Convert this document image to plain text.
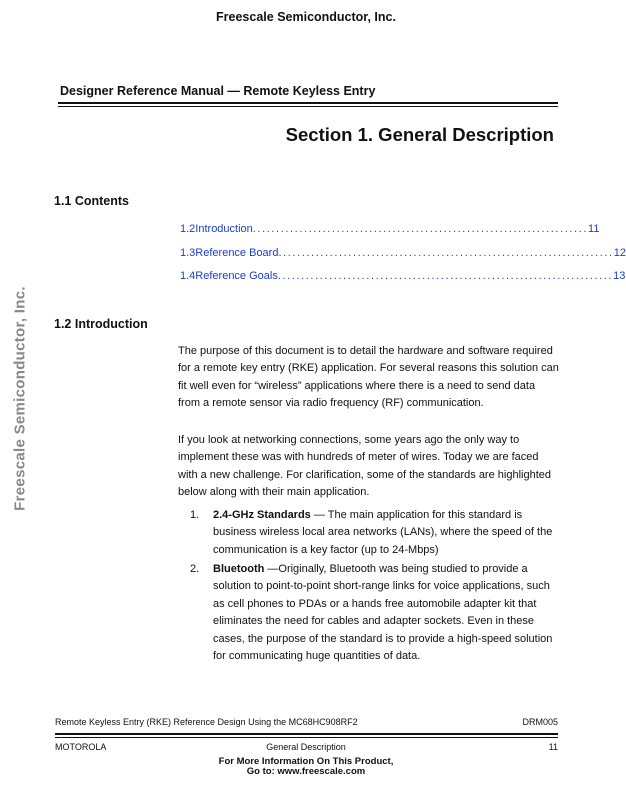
Freescale Semiconductor, Inc.
Freescale Semiconductor, Inc.
Designer Reference Manual — Remote Keyless Entry
Section 1. General Description
1.1 Contents
1.2 Introduction ........................................................................ 11
1.3 Reference Board ........................................................................ 12
1.4 Reference Goals ........................................................................ 13
1.2 Introduction
The purpose of this document is to detail the hardware and software required for a remote key entry (RKE) application. For several reasons this solution can fit well even for “wireless” applications where there is a need to send data from a remote sensor via radio frequency (RF) communication.
If you look at networking connections, some years ago the only way to implement these was with hundreds of meter of wires. Today we are faced with a new challenge. For clarification, some of the standards are highlighted below along with their main application.
1.	2.4-GHz Standards — The main application for this standard is business wireless local area networks (LANs), where the speed of the communication is a key factor (up to 24-Mbps)
2.	Bluetooth —Originally, Bluetooth was being studied to provide a solution to point-to-point short-range links for voice applications, such as cell phones to PDAs or a hands free automobile adapter kit that eliminates the need for cables and adapter sockets. Even in these cases, the purpose of the standard is to provide a high-speed solution for communicating huge quantities of data.
Remote Keyless Entry (RKE) Reference Design Using the MC68HC908RF2	DRM005
MOTOROLA	General Description	11
For More Information On This Product,
Go to: www.freescale.com
